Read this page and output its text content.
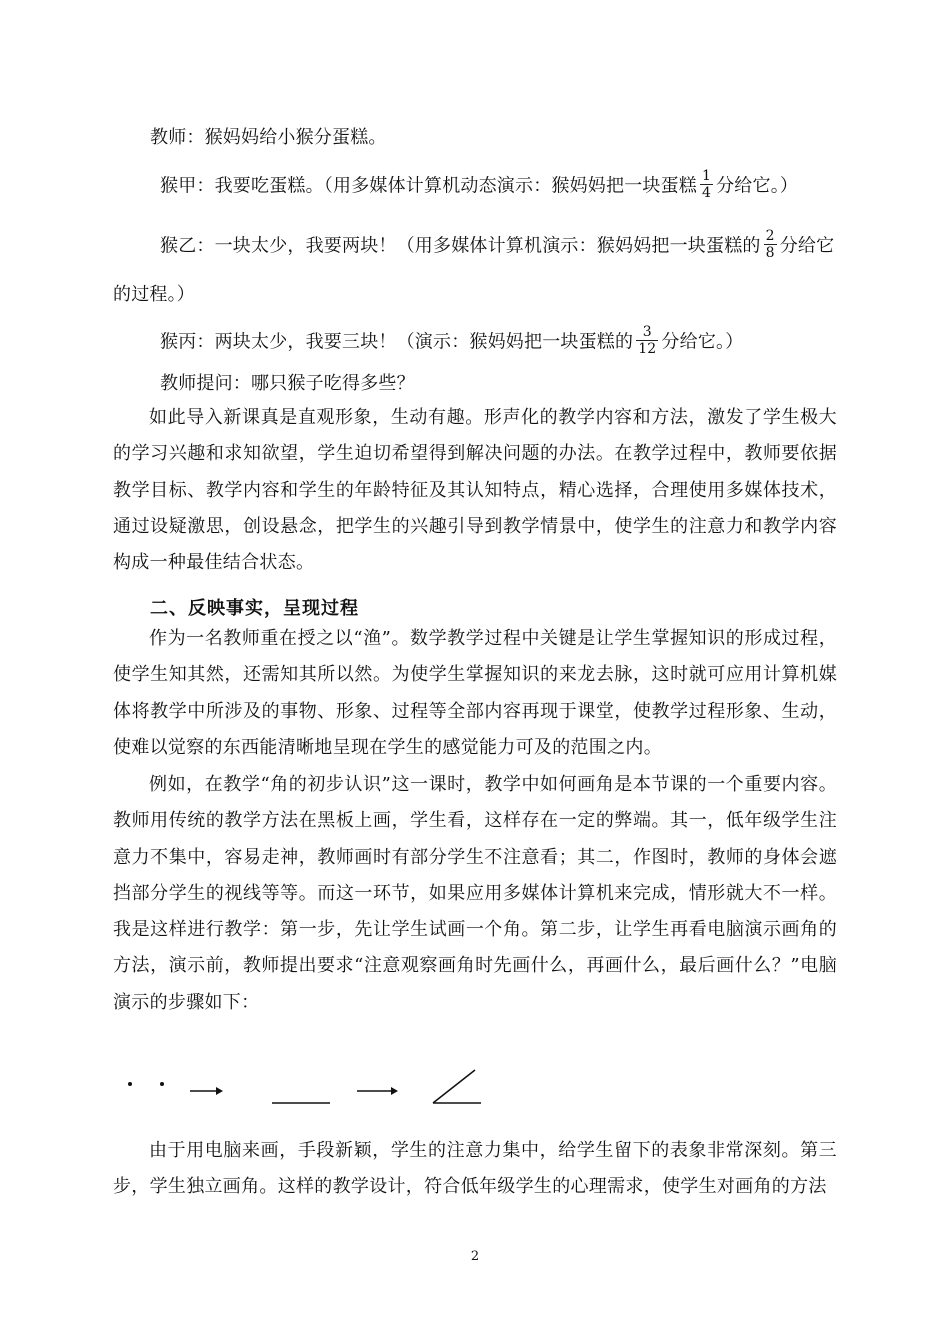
教师：猴妈妈给小猴分蛋糕。
猴甲：我要吃蛋糕。（用多媒体计算机动态演示：猴妈妈把一块蛋糕 $\frac{1}{4}$ 分给它。）
猴乙：一块太少，我要两块！（用多媒体计算机演示：猴妈妈把一块蛋糕的 $\frac{2}{8}$ 分给它
的过程。）
猴丙：两块太少，我要三块！（演示：猴妈妈把一块蛋糕的 $\frac{3}{12}$ 分给它。）
教师提问：哪只猴子吃得多些？
如此导入新课真是直观形象，生动有趣。形声化的教学内容和方法，激发了学生极大的学习兴趣和求知欲望，学生迫切希望得到解决问题的办法。在教学过程中，教师要依据教学目标、教学内容和学生的年龄特征及其认知特点，精心选择，合理使用多媒体技术，通过设疑激思，创设悬念，把学生的兴趣引导到教学情景中，使学生的注意力和教学内容构成一种最佳结合状态。
二、反映事实，呈现过程
作为一名教师重在授之以“渔”。数学教学过程中关键是让学生掌握知识的形成过程，使学生知其然，还需知其所以然。为使学生掌握知识的来龙去脉，这时就可应用计算机媒体将教学中所涉及的事物、形象、过程等全部内容再现于课堂，使教学过程形象、生动，使难以觉察的东西能清晰地呈现在学生的感觉能力可及的范围之内。
例如，在教学“角的初步认识”这一课时，教学中如何画角是本节课的一个重要内容。教师用传统的教学方法在黑板上画，学生看，这样存在一定的弊端。其一，低年级学生注意力不集中，容易走神，教师画时有部分学生不注意看；其二，作图时，教师的身体会遮挡部分学生的视线等等。而这一环节，如果应用多媒体计算机来完成，情形就大不一样。我是这样进行教学：第一步，先让学生试画一个角。第二步，让学生再看电脑演示画角的方法，演示前，教师提出要求“注意观察画角时先画什么，再画什么，最后画什么？”电脑演示的步骤如下：
由于用电脑来画，手段新颖，学生的注意力集中，给学生留下的表象非常深刻。第三步，学生独立画角。这样的教学设计，符合低年级学生的心理需求，使学生对画角的方法
2
